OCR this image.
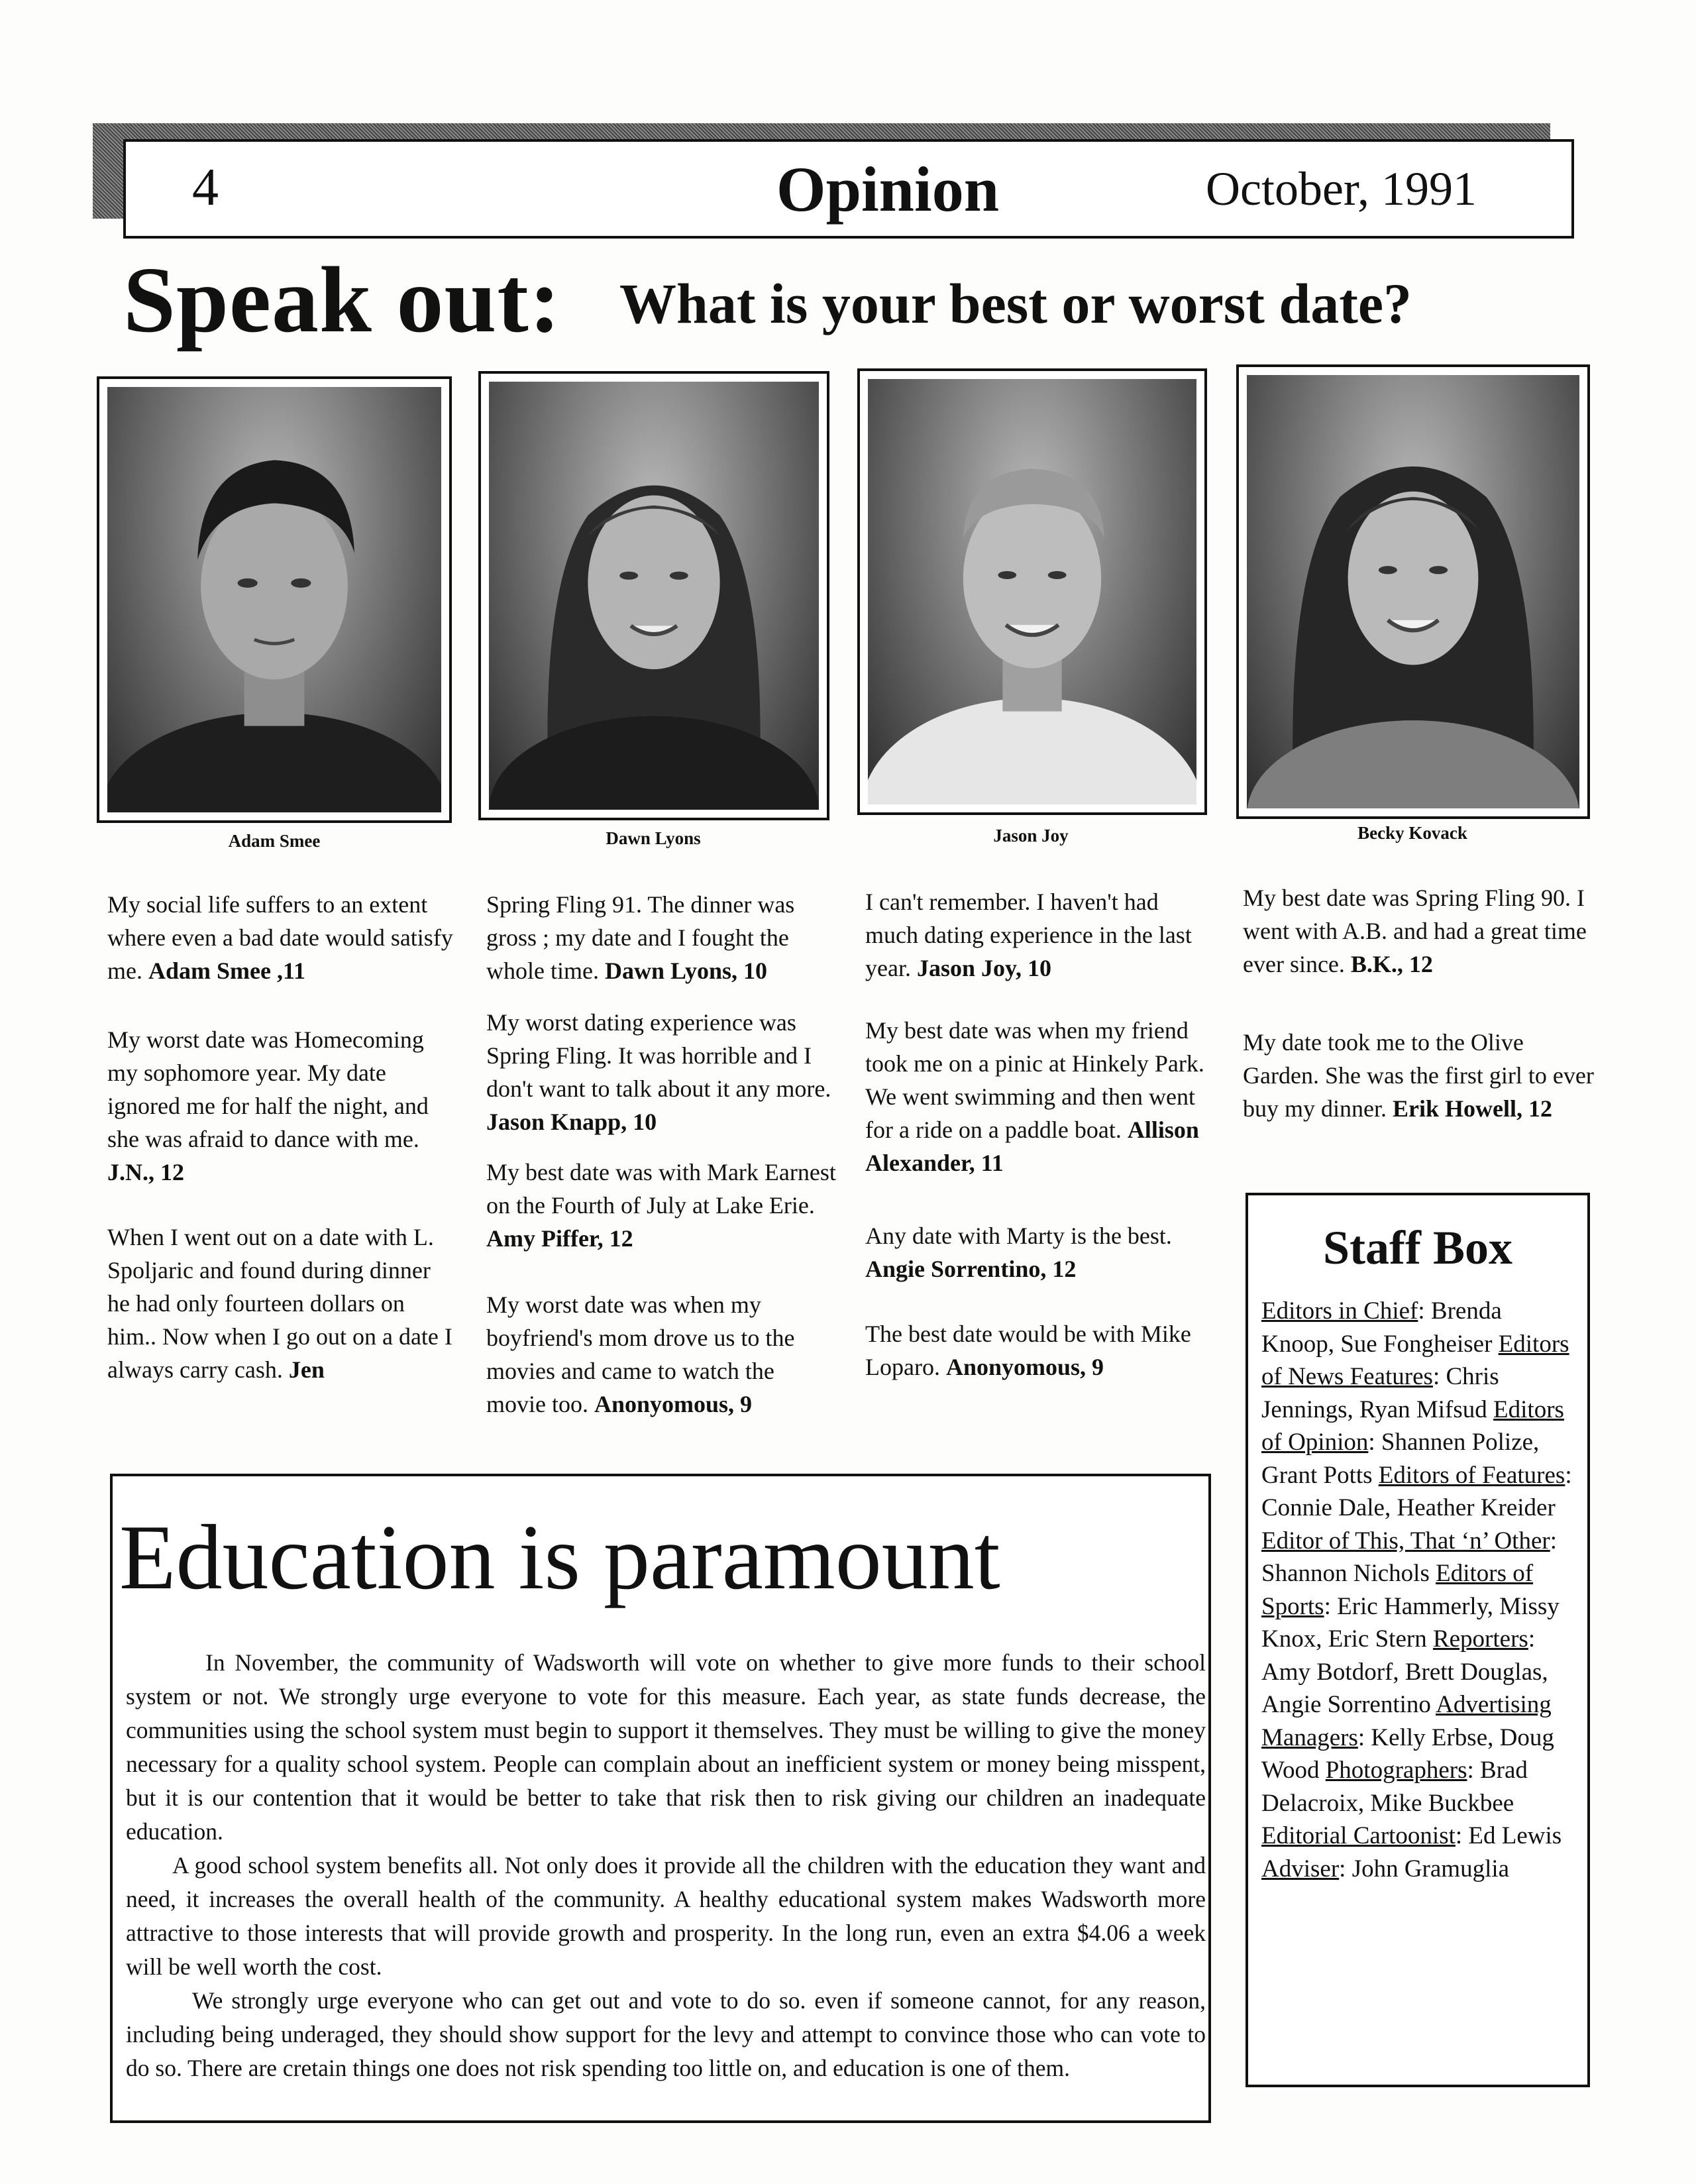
4	Opinion	October, 1991
Speak out: What is your best or worst date?
Adam Smee	Dawn Lyons	Jason Joy	Becky Kovack
My social life suffers to an extent where even a bad date would satisfy me. Adam Smee ,11
My worst date was Homecoming my sophomore year. My date ignored me for half the night, and she was afraid to dance with me. J.N., 12
When I went out on a date with L. Spoljaric and found during dinner he had only fourteen dollars on him.. Now when I go out on a date I always carry cash. Jen
Spring Fling 91. The dinner was gross ; my date and I fought the whole time. Dawn Lyons, 10
My worst dating experience was Spring Fling. It was horrible and I don't want to talk about it any more. Jason Knapp, 10
My best date was with Mark Earnest on the Fourth of July at Lake Erie. Amy Piffer, 12
My worst date was when my boyfriend's mom drove us to the movies and came to watch the movie too. Anonyomous, 9
I can't remember. I haven't had much dating experience in the last year. Jason Joy, 10
My best date was when my friend took me on a pinic at Hinkely Park. We went swimming and then went for a ride on a paddle boat. Allison Alexander, 11
Any date with Marty is the best. Angie Sorrentino, 12
The best date would be with Mike Loparo. Anonyomous, 9
My best date was Spring Fling 90. I went with A.B. and had a great time ever since. B.K., 12
My date took me to the Olive Garden. She was the first girl to ever buy my dinner. Erik Howell, 12
Staff Box
Editors in Chief: Brenda Knoop, Sue Fongheiser Editors of News Features: Chris Jennings, Ryan Mifsud Editors of Opinion: Shannen Polize, Grant Potts Editors of Features: Connie Dale, Heather Kreider Editor of This, That ‘n’ Other: Shannon Nichols Editors of Sports: Eric Hammerly, Missy Knox, Eric Stern Reporters: Amy Botdorf, Brett Douglas, Angie Sorrentino Advertising Managers: Kelly Erbse, Doug Wood Photographers: Brad Delacroix, Mike Buckbee Editorial Cartoonist: Ed Lewis Adviser: John Gramuglia
Education is paramount

In November, the community of Wadsworth will vote on whether to give more funds to their school system or not. We strongly urge everyone to vote for this measure. Each year, as state funds decrease, the communities using the school system must begin to support it themselves. They must be willing to give the money necessary for a quality school system. People can complain about an inefficient system or money being misspent, but it is our contention that it would be better to take that risk then to risk giving our children an inadequate education.

A good school system benefits all. Not only does it provide all the children with the education they want and need, it increases the overall health of the community. A healthy educational system makes Wadsworth more attractive to those interests that will provide growth and prosperity. In the long run, even an extra $4.06 a week will be well worth the cost.

We strongly urge everyone who can get out and vote to do so. even if someone cannot, for any reason, including being underaged, they should show support for the levy and attempt to convince those who can vote to do so. There are cretain things one does not risk spending too little on, and education is one of them.
